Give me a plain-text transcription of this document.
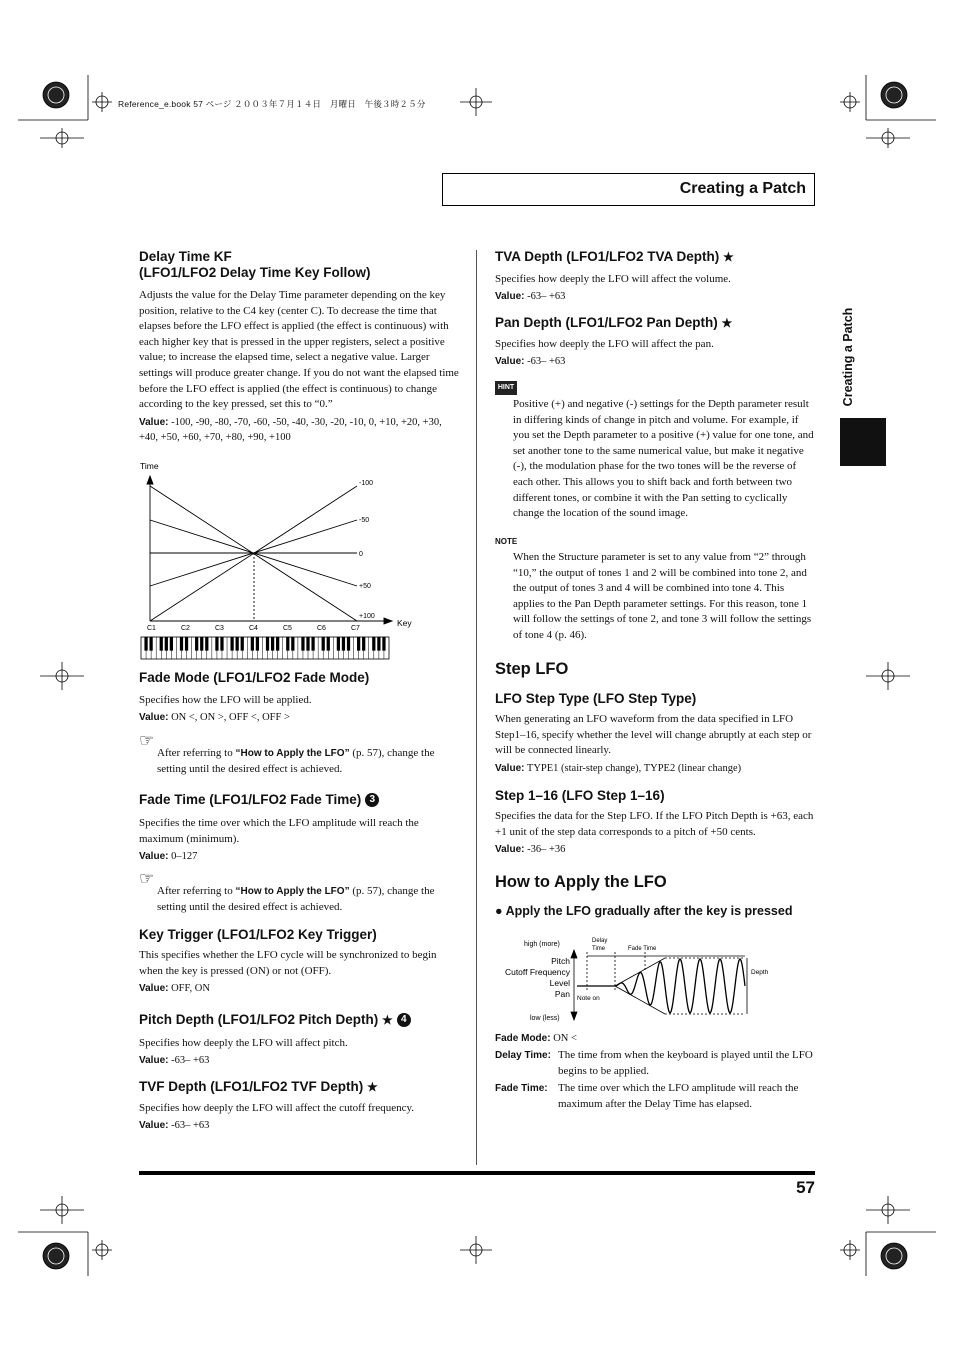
Reference_e.book 57 ページ ２００３年７月１４日　月曜日　午後３時２５分
Creating a Patch
Creating a Patch
Delay Time KF
(LFO1/LFO2 Delay Time Key Follow)
Adjusts the value for the Delay Time parameter depending on the key position, relative to the C4 key (center C). To decrease the time that elapses before the LFO effect is applied (the effect is continuous) with each higher key that is pressed in the upper registers, select a positive value; to increase the elapsed time, select a negative value. Larger settings will produce greater change. If you do not want the elapsed time before the LFO effect is applied (the effect is continuous) to change according to the key pressed, set this to “0.”
Value: -100, -90, -80, -70, -60, -50, -40, -30, -20, -10, 0, +10, +20, +30, +40, +50, +60, +70, +80, +90, +100
Time
Key
-100
-50
0
+50
+100
C1	C2	C3	C4	C5	C6	C7
Fade Mode (LFO1/LFO2 Fade Mode)
Specifies how the LFO will be applied.
Value: ON <, ON >, OFF <, OFF >
☞
After referring to “How to Apply the LFO” (p. 57), change the setting until the desired effect is achieved.
Fade Time (LFO1/LFO2 Fade Time) 3
Specifies the time over which the LFO amplitude will reach the maximum (minimum).
Value: 0–127
☞
After referring to “How to Apply the LFO” (p. 57), change the setting until the desired effect is achieved.
Key Trigger (LFO1/LFO2 Key Trigger)
This specifies whether the LFO cycle will be synchronized to begin when the key is pressed (ON) or not (OFF).
Value: OFF, ON
Pitch Depth (LFO1/LFO2 Pitch Depth) ★ 4
Specifies how deeply the LFO will affect pitch.
Value: -63– +63
TVF Depth (LFO1/LFO2 TVF Depth) ★
Specifies how deeply the LFO will affect the cutoff frequency.
Value: -63– +63
TVA Depth (LFO1/LFO2 TVA Depth) ★
Specifies how deeply the LFO will affect the volume.
Value: -63– +63
Pan Depth (LFO1/LFO2 Pan Depth) ★
Specifies how deeply the LFO will affect the pan.
Value: -63– +63
HINT
Positive (+) and negative (-) settings for the Depth parameter result in differing kinds of change in pitch and volume. For example, if you set the Depth parameter to a positive (+) value for one tone, and set another tone to the same numerical value, but make it negative (-), the modulation phase for the two tones will be the reverse of each other. This allows you to shift back and forth between two different tones, or combine it with the Pan setting to cyclically change the location of the sound image.
NOTE
When the Structure parameter is set to any value from “2” through “10,” the output of tones 1 and 2 will be combined into tone 2, and the output of tones 3 and 4 will be combined into tone 4. This applies to the Pan Depth parameter settings. For this reason, tone 1 will follow the settings of tone 2, and tone 3 will follow the settings of tone 4 (p. 46).
Step LFO
LFO Step Type (LFO Step Type)
When generating an LFO waveform from the data specified in LFO Step1–16, specify whether the level will change abruptly at each step or will be connected linearly.
Value: TYPE1 (stair-step change), TYPE2 (linear change)
Step 1–16 (LFO Step 1–16)
Specifies the data for the Step LFO. If the LFO Pitch Depth is +63, each +1 unit of the step data corresponds to a pitch of +50 cents.
Value: -36– +36
How to Apply the LFO
● Apply the LFO gradually after the key is pressed
high (more)
low (less)
Pitch
Cutoff Frequency
Level
Pan
Delay
Time	Fade Time
Depth
Note on
Fade Mode: ON <
Delay Time: The time from when the keyboard is played until the LFO begins to be applied.
Fade Time: The time over which the LFO amplitude will reach the maximum after the Delay Time has elapsed.
57
